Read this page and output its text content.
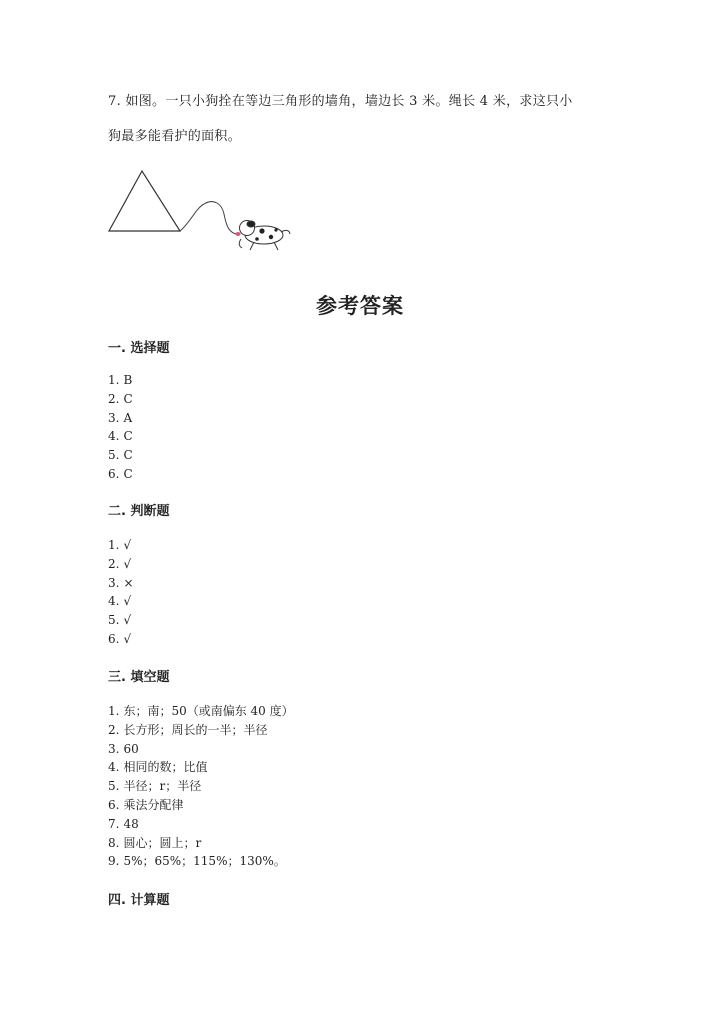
7. 如图。一只小狗拴在等边三角形的墙角，墙边长 3 米。绳长 4 米，求这只小

狗最多能看护的面积。

参考答案
一. 选择题
1. B
2. C
3. A
4. C
5. C
6. C
二. 判断题
1. √
2. √
3. ×
4. √
5. √
6. √
三. 填空题
1. 东；南；50（或南偏东 40 度）
2. 长方形；周长的一半；半径
3. 60
4. 相同的数；比值
5. 半径；r；半径
6. 乘法分配律
7. 48
8. 圆心；圆上；r
9. 5%；65%；115%；130%。
四. 计算题
